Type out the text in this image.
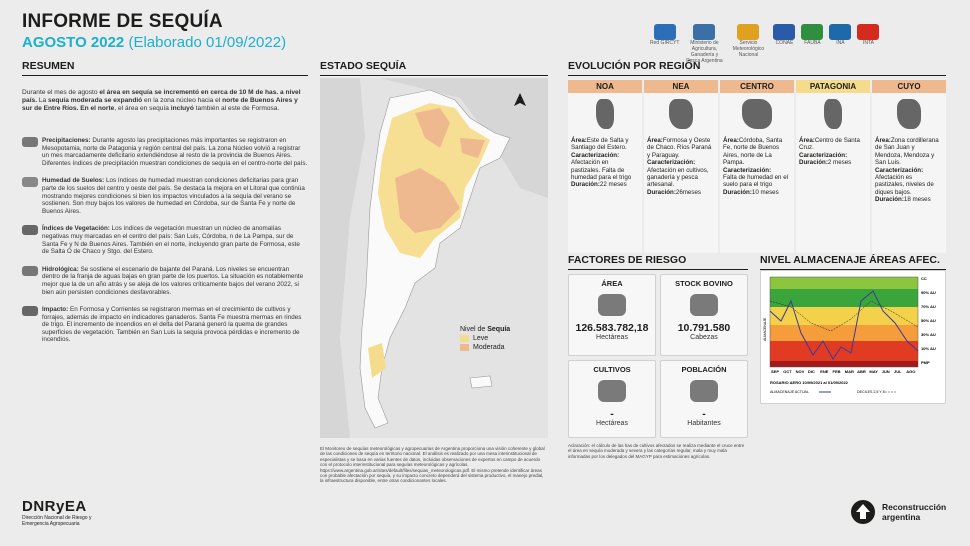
INFORME DE SEQUÍA
AGOSTO 2022 (Elaborado 01/09/2022)	Red GIRCYT	Ministerio de Agricultura, Ganadería y Pesca Argentina
Servicio Meteorológico Nacional
CONAE FAUBA	INA	INTA
RESUMEN
Durante el mes de agosto el área en sequía se incrementó en cerca de 10 M de has. a nivel país. La sequía moderada se expandió en la zona núcleo hacia el norte de Buenos Aires y sur de Entre Ríos. En el norte, el área en sequía incluyó también al este de Formosa.
Precipitaciones: Durante agosto las precipitaciones más importantes se registraron en Mesopotamia, norte de Patagonia y región central del país. La zona Núcleo volvió a registrar un mes marcadamente deficitario extendiéndose al resto de la provincia de Buenos Aires. Diferentes índices de precipitación muestran condiciones de sequía en el centro-norte del país.
Humedad de Suelos: Los índices de humedad muestran condiciones deficitarias para gran parte de los suelos del centro y oeste del país. Se destaca la mejora en el Litoral que continúa mostrando mejores condiciones si bien los impactos vinculados a la sequía del verano se sostienen. Son muy bajos los valores de humedad en Córdoba, sur de Santa Fe y norte de Buenos Aires.
Índices de Vegetación: Los índices de vegetación muestran un núcleo de anomalías negativas muy marcadas en el centro del país: San Luis, Córdoba, n de La Pampa, sur de Santa Fe y N de Buenos Aires. También en el norte, incluyendo gran parte de Formosa, este de Salta O de Chaco y Stgo. del Estero.
Hidrológica: Se sostiene el escenario de bajante del Paraná. Los niveles se encuentran dentro de la franja de aguas bajas en gran parte de los puertos. La situación es notablemente mejor que la de un año atrás y se aleja de los valores críticamente bajos del verano 2022, si bien aún persisten condiciones desfavorables.
Impacto: En Formosa y Corrientes se registraron mermas en el crecimiento de cultivos y forrajes, además de impacto en indicadores ganaderos. Santa Fe muestra mermas en rindes de trigo. El incremento de incendios en el delta del Paraná generó la quema de grandes superficies de vegetación. También en San Luis la sequía provoca pérdidas e incremento de incendios.
ESTADO SEQUÍA
Nivel de Sequía
Leve
Moderada
El Monitoreo de sequías meteorológicas y agropecuarias de Argentina proporciona una visión coherente y global de las condiciones de sequía en territorio nacional. El análisis es realizado por una mesa interinstitucional de especialistas y se basa en varias fuentes de datos, incluidas observaciones de expertos en campo de acuerdo con el protocolo interinstitucional para seguías meteorológicas y agrícolas. https://www.argentina.gob.ar/sites/default/files/sequias_meteorologicas.pdf. El mismo pretende identificar áreas con probable afectación por sequía, y su impacto concreto dependerá del sistema productivo, el manejo predial, la infraestructura disponible, entre otras condicionantes locales.
EVOLUCIÓN POR REGIÓN
NOA
Área:Este de Salta y Santiago del Estero.
Caracterización:
Afectación en pastizales. Falta de humedad para el trigo
Duración:22 meses
NEA
Área:Formosa y Oeste de Chaco. Ríos Paraná y Paraguay.
Caracterización:
Afectación en cultivos, ganadería y pesca artesanal.
Duración:26meses
CENTRO
Área:Córdoba, Santa Fe, norte de Buenos Aires, norte de La Pampa.
Caracterización:
Falta de humedad en el suelo para el trigo
Duración:10 meses
PATAGONIA
Área:Centro de Santa Cruz.
Caracterización:
Duración:2 meses
CUYO
Área:Zona cordillerana de San Juan y Mendoza, Mendoza y San Luis.
Caracterización:
Afectación es pastizales, niveles de diques bajos.
Duración:18 meses
FACTORES DE RIESGO
ÁREA
126.583.782,18
Hectáreas
STOCK BOVINO
10.791.580
Cabezas
CULTIVOS
-
Hectáreas
POBLACIÓN
-
Habitantes
Aclaración: el cálculo de las has de cultivos afectados se realiza mediante el cruce entre el área en sequía moderada y severa y las categorías regular, mala y muy mala informadas por los delegados del MAGYP para estimaciones agrícolas.
NIVEL ALMACENAJE ÁREAS AFEC.
ALMACENAJE
CC
90% AU
70% AU
50% AU
30% AU
10% AU
PMP
SEP OCT NOV DIC ENE FEB MAR ABR MAY JUN JUL AGO
ROSARIO AERO 10/09/2021 al 01/09/2022
ALMACENAJE ACTUAL	DECILES 2,5 Y 8
DNRyEA
Dirección Nacional de Riesgo y
Emergencia Agropecuaria
Reconstrucción
argentina
